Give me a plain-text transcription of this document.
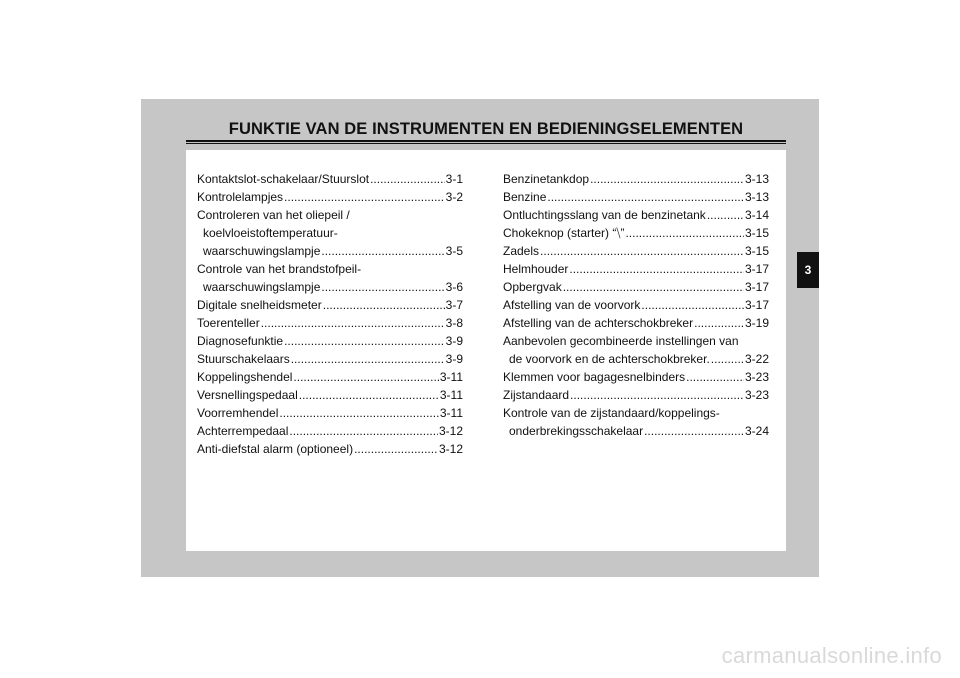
FUNKTIE VAN DE INSTRUMENTEN EN BEDIENINGSELEMENTEN
Kontaktslot-schakelaar/Stuurslot .....	3-1
Kontrolelampjes .....	3-2
Controleren van het oliepeil /
koelvloeistoftemperatuur-
waarschuwingslampje .....	3-5
Controle van het brandstofpeil-
waarschuwingslampje .....	3-6
Digitale snelheidsmeter .....	3-7
Toerenteller .....	3-8
Diagnosefunktie .....	3-9
Stuurschakelaars .....	3-9
Koppelingshendel .....	3-11
Versnellingspedaal .....	3-11
Voorremhendel .....	3-11
Achterrempedaal .....	3-12
Anti-diefstal alarm (optioneel) .....	3-12
Benzinetankdop .....	3-13
Benzine .....	3-13
Ontluchtingsslang van de benzinetank .....	3-14
Chokeknop (starter) “⧹” .....	3-15
Zadels .....	3-15
Helmhouder .....	3-17
Opbergvak .....	3-17
Afstelling van de voorvork .....	3-17
Afstelling van de achterschokbreker .....	3-19
Aanbevolen gecombineerde instellingen van
de voorvork en de achterschokbreker. .....	3-22
Klemmen voor bagagesnelbinders .....	3-23
Zijstandaard .....	3-23
Kontrole van de zijstandaard/koppelings-
onderbrekingsschakelaar .....	3-24
3
carmanualsonline.info
